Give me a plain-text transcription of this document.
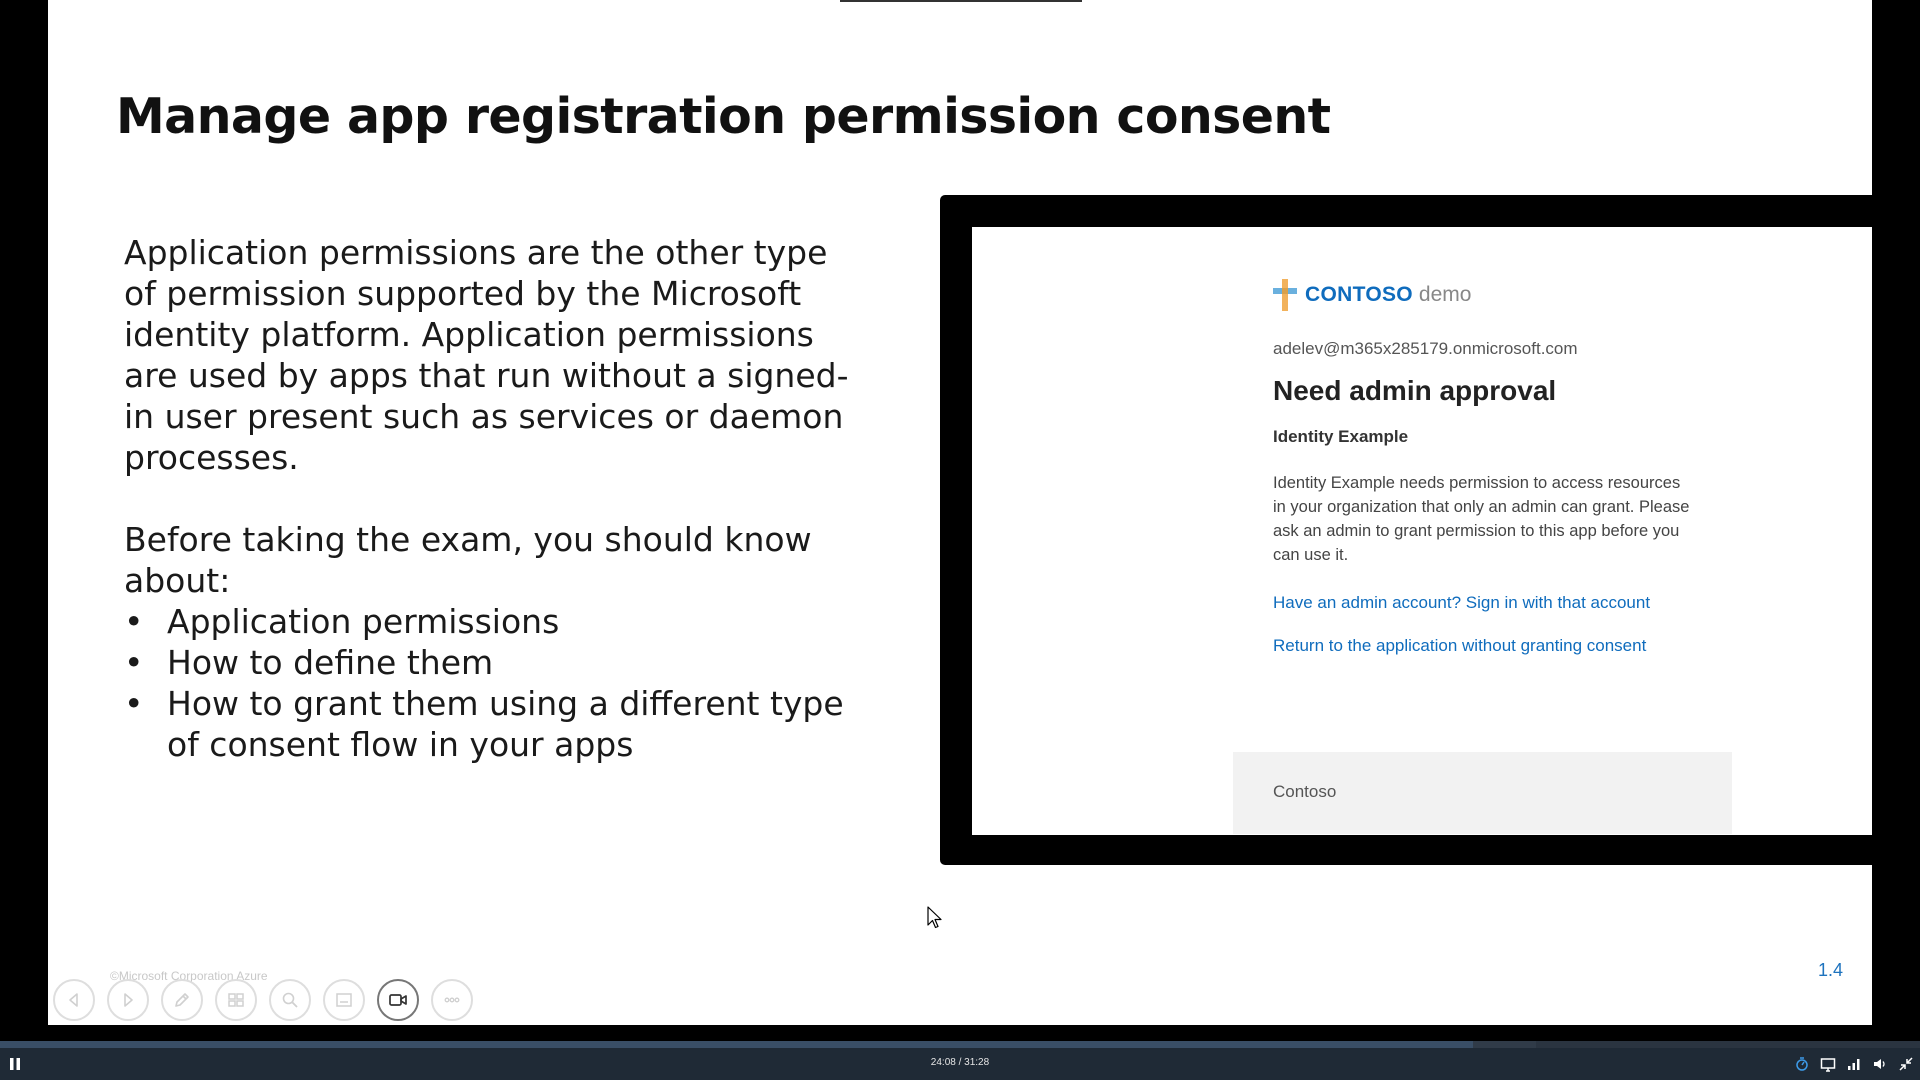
Manage app registration permission consent

Application permissions are the other type of permission supported by the Microsoft identity platform. Application permissions are used by apps that run without a signed-in user present such as services or daemon processes.

Before taking the exam, you should know about:

• Application permissions
• How to define them
• How to grant them using a different type of consent flow in your apps
CONTOSO demo
adelev@m365x285179.onmicrosoft.com
Need admin approval
Identity Example
Identity Example needs permission to access resources in your organization that only an admin can grant. Please ask an admin to grant permission to this app before you can use it.
Have an admin account? Sign in with that account
Return to the application without granting consent
Contoso
©Microsoft Corporation Azure	1.4
24:08 / 31:28
